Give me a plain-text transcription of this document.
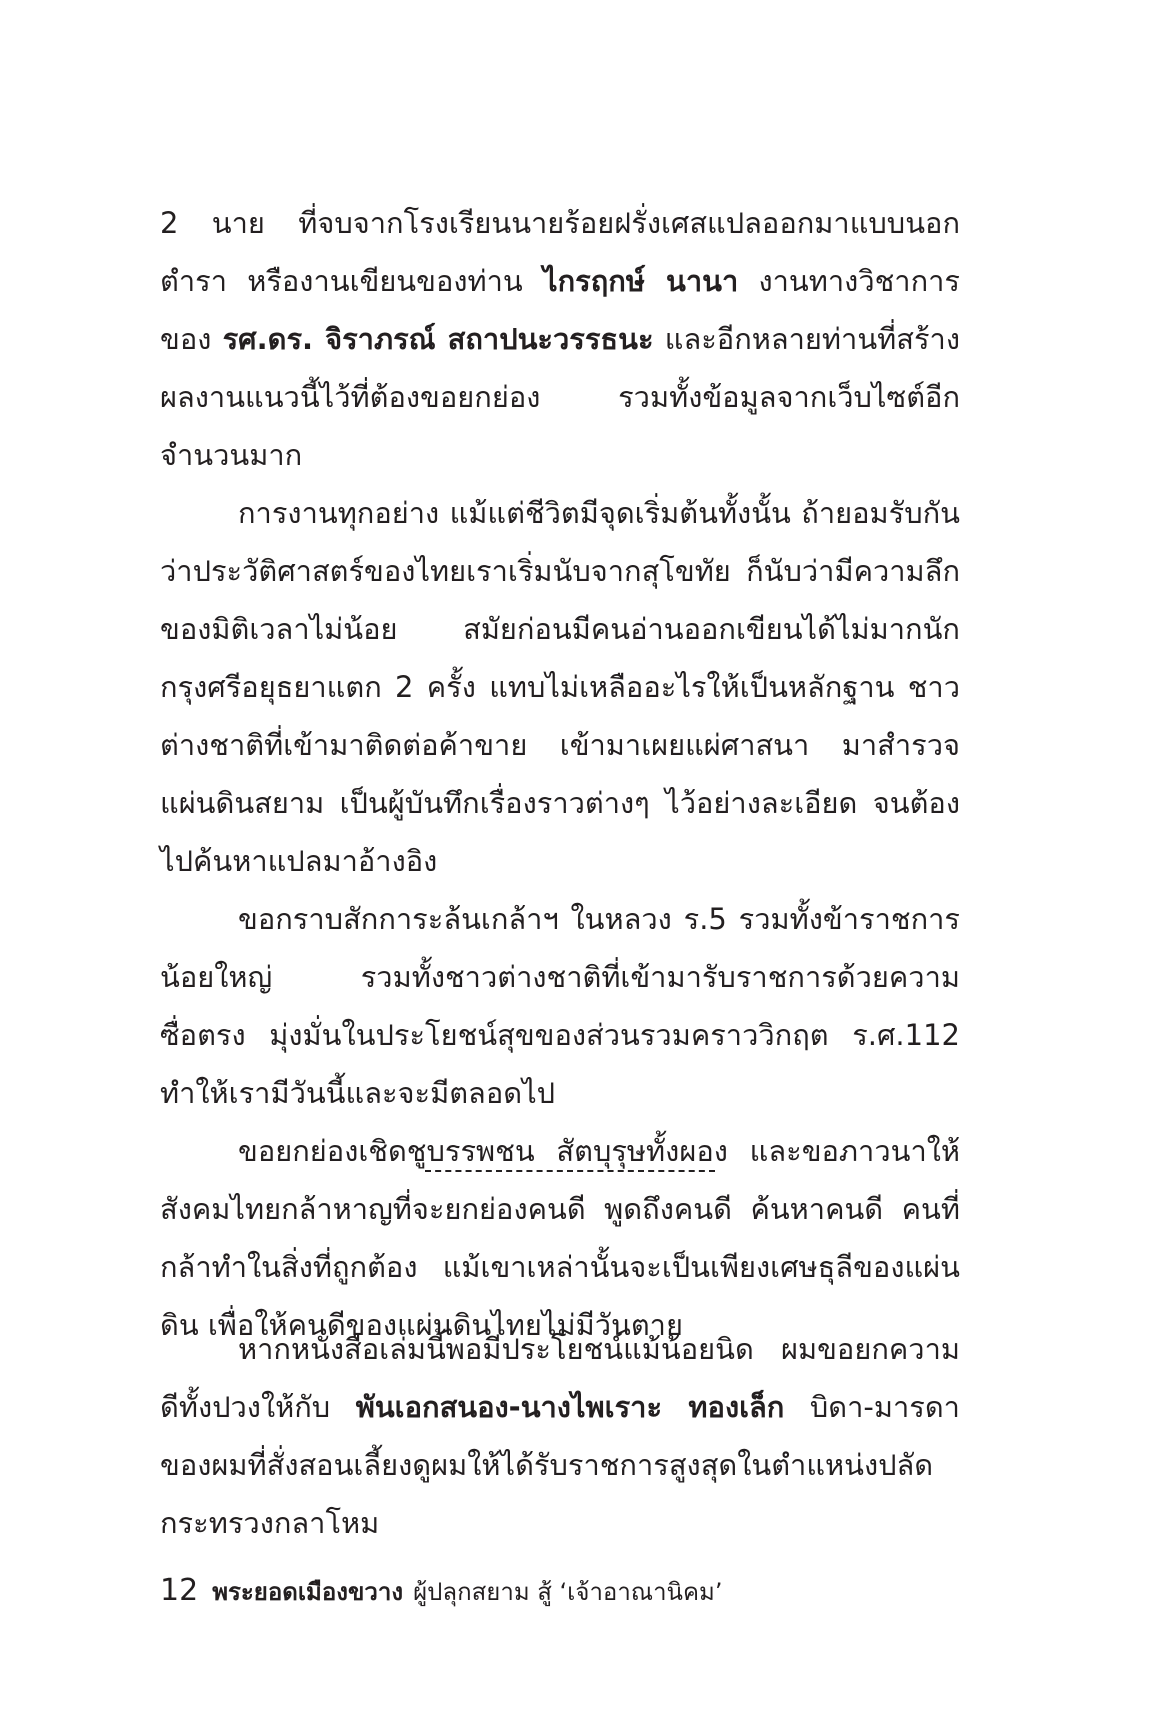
2 นาย ที่จบจากโรงเรียนนายร้อยฝรั่งเศสแปลออกมาแบบนอกตำรา หรืองานเขียนของท่าน ไกรฤกษ์ นานา งานทางวิชาการของ รศ.ดร. จิราภรณ์ สถาปนะวรรธนะ และอีกหลายท่านที่สร้างผลงานแนวนี้ไว้ที่ต้องขอยกย่อง รวมทั้งข้อมูลจากเว็บไซต์อีกจำนวนมาก

การงานทุกอย่าง แม้แต่ชีวิตมีจุดเริ่มต้นทั้งนั้น ถ้ายอมรับกันว่าประวัติศาสตร์ของไทยเราเริ่มนับจากสุโขทัย ก็นับว่ามีความลึกของมิติเวลาไม่น้อย สมัยก่อนมีคนอ่านออกเขียนได้ไม่มากนัก กรุงศรีอยุธยาแตก 2 ครั้ง แทบไม่เหลืออะไรให้เป็นหลักฐาน ชาวต่างชาติที่เข้ามาติดต่อค้าขาย เข้ามาเผยแผ่ศาสนา มาสำรวจแผ่นดินสยาม เป็นผู้บันทึกเรื่องราวต่างๆ ไว้อย่างละเอียด จนต้องไปค้นหาแปลมาอ้างอิง

ขอกราบสักการะล้นเกล้าฯ ในหลวง ร.5 รวมทั้งข้าราชการน้อยใหญ่ รวมทั้งชาวต่างชาติที่เข้ามารับราชการด้วยความซื่อตรง มุ่งมั่นในประโยชน์สุขของส่วนรวมคราววิกฤต ร.ศ.112 ทำให้เรามีวันนี้และจะมีตลอดไป

ขอยกย่องเชิดชูบรรพชน สัตบุรุษทั้งผอง และขอภาวนาให้สังคมไทยกล้าหาญที่จะยกย่องคนดี พูดถึงคนดี ค้นหาคนดี คนที่กล้าทำในสิ่งที่ถูกต้อง แม้เขาเหล่านั้นจะเป็นเพียงเศษธุลีของแผ่นดิน เพื่อให้คนดีของแผ่นดินไทยไม่มีวันตาย

หากหนังสือเล่มนี้พอมีประโยชน์แม้น้อยนิด ผมขอยกความดีทั้งปวงให้กับ พันเอกสนอง-นางไพเราะ ทองเล็ก บิดา-มารดาของผมที่สั่งสอนเลี้ยงดูผมให้ได้รับราชการสูงสุดในตำแหน่งปลัดกระทรวงกลาโหม

12 พระยอดเมืองขวาง ผู้ปลุกสยาม สู้ ‘เจ้าอาณานิคม’
